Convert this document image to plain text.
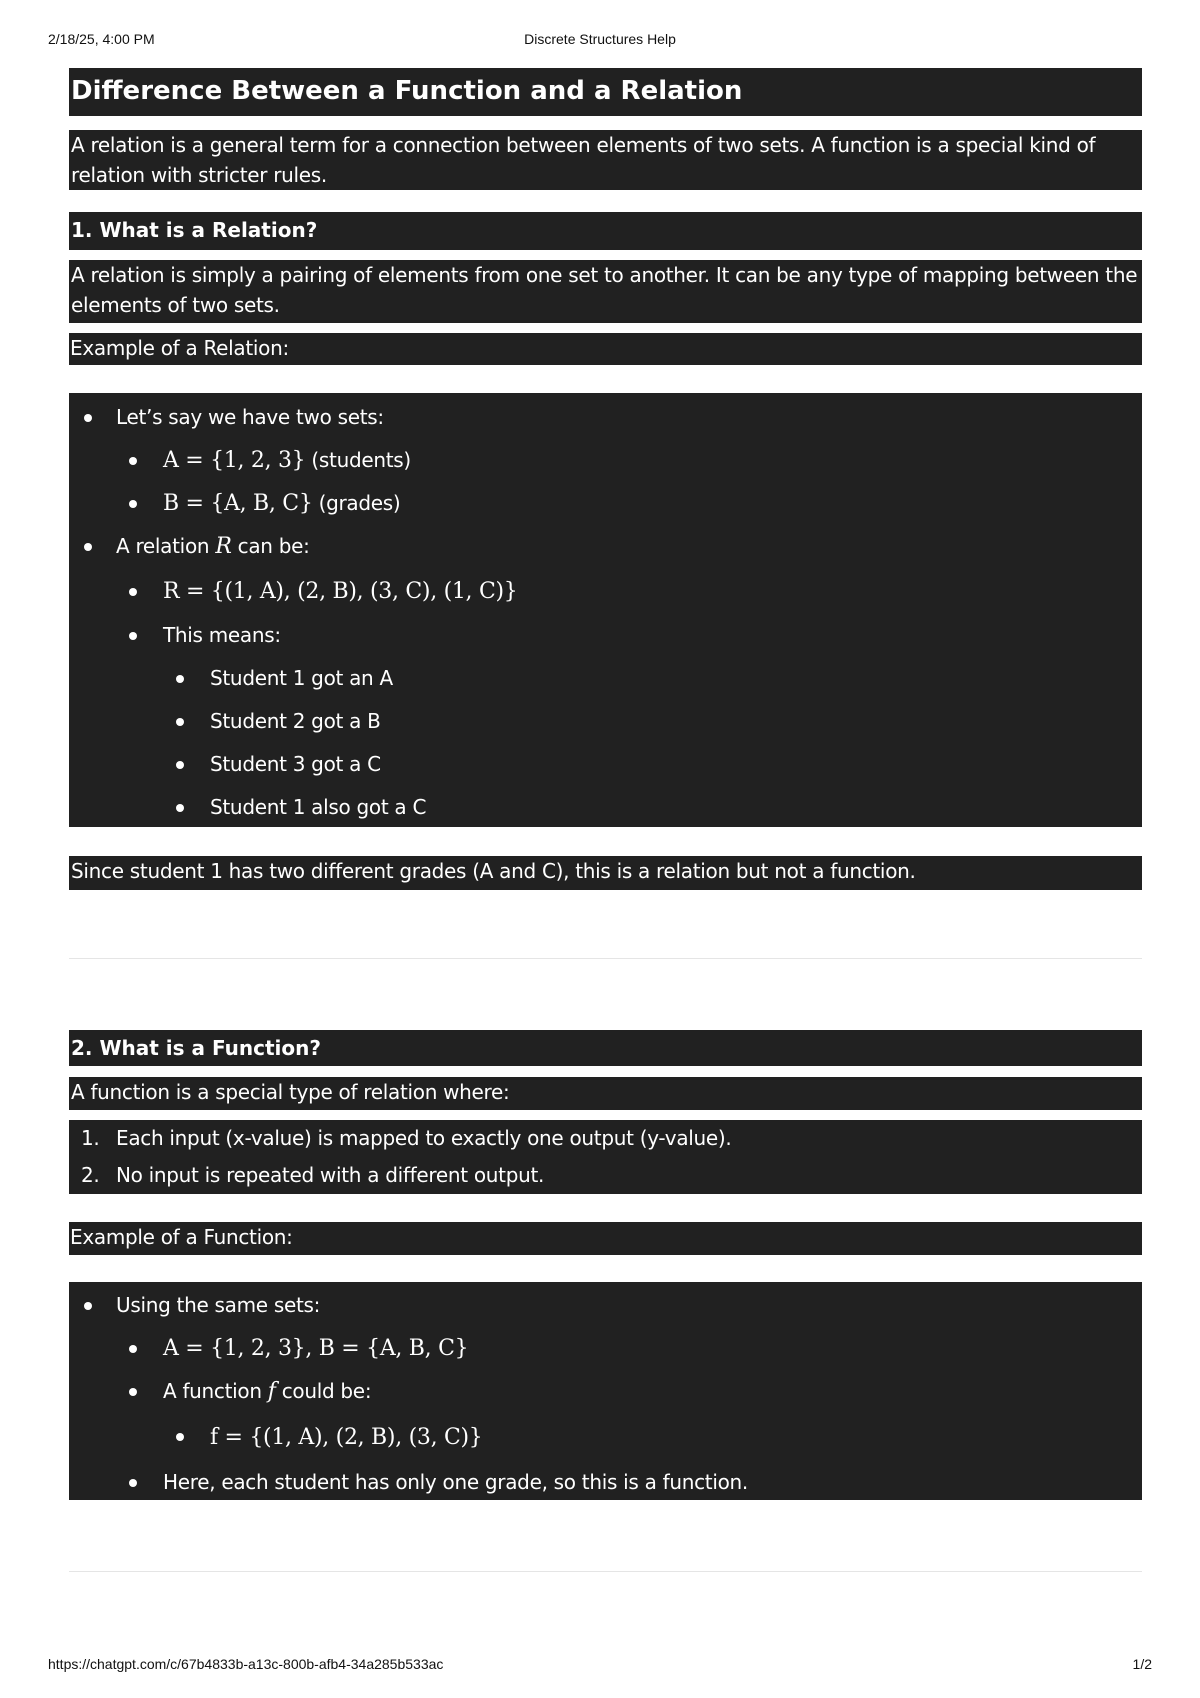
2/18/25, 4:00 PM	Discrete Structures Help
Difference Between a Function and a Relation
A relation is a general term for a connection between elements of two sets. A function is a special kind of relation with stricter rules.
1. What is a Relation?
A relation is simply a pairing of elements from one set to another. It can be any type of mapping between the elements of two sets.
Example of a Relation:
Let’s say we have two sets:
A = {1, 2, 3} (students)
B = {A, B, C} (grades)
A relation R can be:
R = {(1, A), (2, B), (3, C), (1, C)}
This means:
Student 1 got an A
Student 2 got a B
Student 3 got a C
Student 1 also got a C
Since student 1 has two different grades (A and C), this is a relation but not a function.
2. What is a Function?
A function is a special type of relation where:
1. Each input (x-value) is mapped to exactly one output (y-value).
2. No input is repeated with a different output.
Example of a Function:
Using the same sets:
A = {1, 2, 3}, B = {A, B, C}
A function f could be:
f = {(1, A), (2, B), (3, C)}
Here, each student has only one grade, so this is a function.
https://chatgpt.com/c/67b4833b-a13c-800b-afb4-34a285b533ac	1/2
